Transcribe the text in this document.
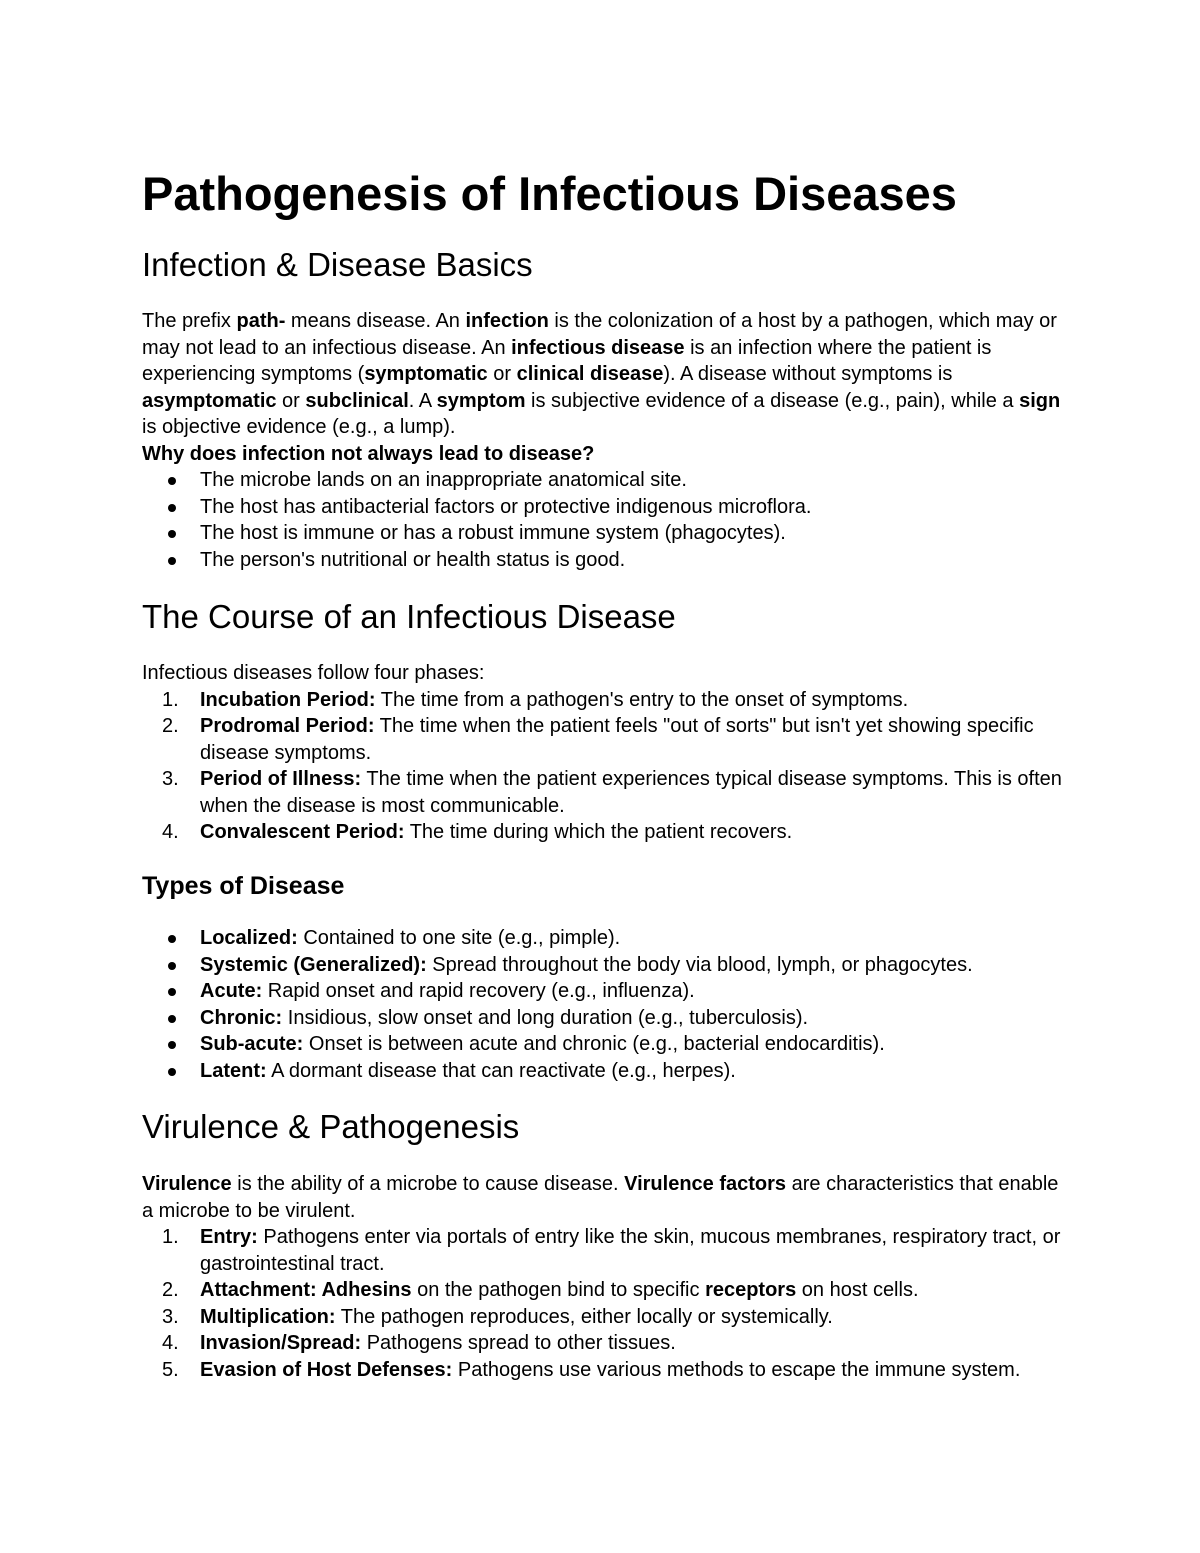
Pathogenesis of Infectious Diseases
Infection & Disease Basics

The prefix path- means disease. An infection is the colonization of a host by a pathogen, which may or may not lead to an infectious disease. An infectious disease is an infection where the patient is experiencing symptoms (symptomatic or clinical disease). A disease without symptoms is asymptomatic or subclinical. A symptom is subjective evidence of a disease (e.g., pain), while a sign is objective evidence (e.g., a lump).

Why does infection not always lead to disease?

The microbe lands on an inappropriate anatomical site.
The host has antibacterial factors or protective indigenous microflora.
The host is immune or has a robust immune system (phagocytes).
The person's nutritional or health status is good.
The Course of an Infectious Disease

Infectious diseases follow four phases:

1.	Incubation Period: The time from a pathogen's entry to the onset of symptoms.
2.	Prodromal Period: The time when the patient feels "out of sorts" but isn't yet showing specific disease symptoms.
3.	Period of Illness: The time when the patient experiences typical disease symptoms. This is often when the disease is most communicable.
4.	Convalescent Period: The time during which the patient recovers.
Types of Disease
Localized: Contained to one site (e.g., pimple).
Systemic (Generalized): Spread throughout the body via blood, lymph, or phagocytes.
Acute: Rapid onset and rapid recovery (e.g., influenza).
Chronic: Insidious, slow onset and long duration (e.g., tuberculosis).
Sub-acute: Onset is between acute and chronic (e.g., bacterial endocarditis).
Latent: A dormant disease that can reactivate (e.g., herpes).
Virulence & Pathogenesis

Virulence is the ability of a microbe to cause disease. Virulence factors are characteristics that enable a microbe to be virulent.

1.	Entry: Pathogens enter via portals of entry like the skin, mucous membranes, respiratory tract, or gastrointestinal tract.
2.	Attachment: Adhesins on the pathogen bind to specific receptors on host cells.
3.	Multiplication: The pathogen reproduces, either locally or systemically.
4.	Invasion/Spread: Pathogens spread to other tissues.
5.	Evasion of Host Defenses: Pathogens use various methods to escape the immune system.
